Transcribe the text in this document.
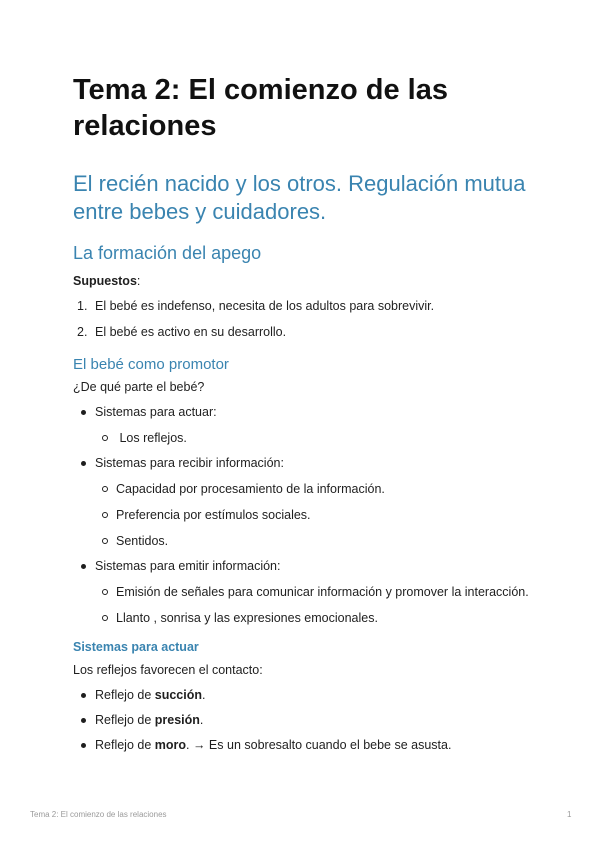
Tema 2: El comienzo de las relaciones
El recién nacido y los otros. Regulación mutua entre bebes y cuidadores.
La formación del apego

Supuestos:

1. El bebé es indefenso, necesita de los adultos para sobrevivir.
2. El bebé es activo en su desarrollo.
El bebé como promotor

¿De qué parte el bebé?

Sistemas para actuar:
Los reflejos.
Sistemas para recibir información:
Capacidad por procesamiento de la información.
Preferencia por estímulos sociales.
Sentidos.
Sistemas para emitir información:
Emisión de señales para comunicar información y promover la interacción.
Llanto , sonrisa y las expresiones emocionales.
Sistemas para actuar

Los reflejos favorecen el contacto:

Reflejo de succión.
Reflejo de presión.
Reflejo de moro. → Es un sobresalto cuando el bebe se asusta.
Tema 2: El comienzo de las relaciones	1
